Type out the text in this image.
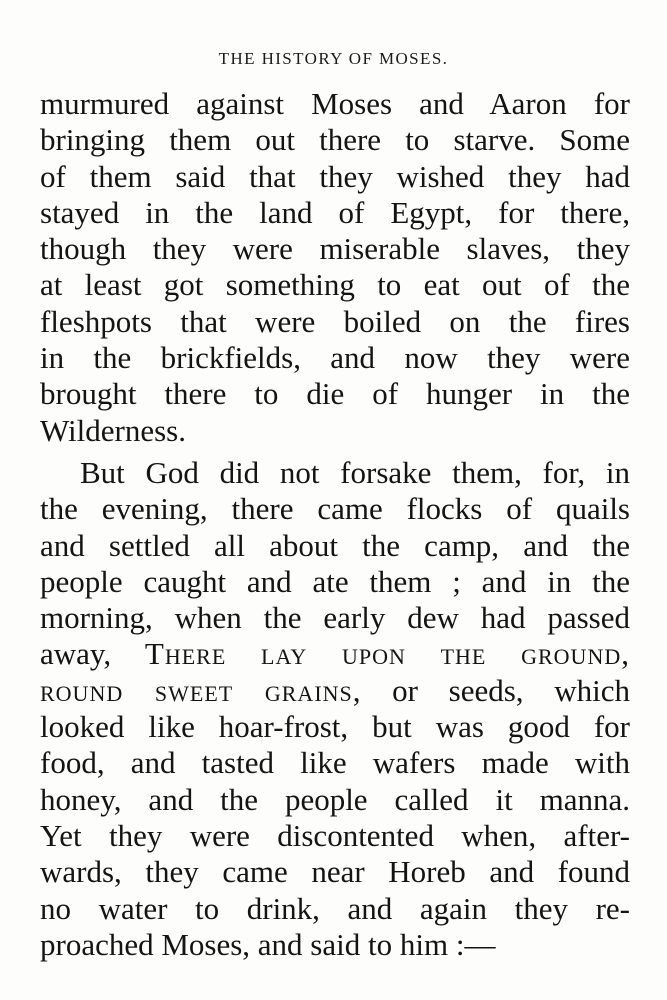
THE HISTORY OF MOSES.
murmured against Moses and Aaron for
bringing them out there to starve. Some
of them said that they wished they had
stayed in the land of Egypt, for there,
though they were miserable slaves, they
at least got something to eat out of the
fleshpots that were boiled on the fires
in the brickfields, and now they were
brought there to die of hunger in the
Wilderness.
But God did not forsake them, for, in
the evening, there came flocks of quails
and settled all about the camp, and the
people caught and ate them ; and in the
morning, when the early dew had passed
away, There lay upon the ground,
round sweet grains, or seeds, which
looked like hoar-frost, but was good for
food, and tasted like wafers made with
honey, and the people called it manna.
Yet they were discontented when, after-
wards, they came near Horeb and found
no water to drink, and again they re-
proached Moses, and said to him :—
